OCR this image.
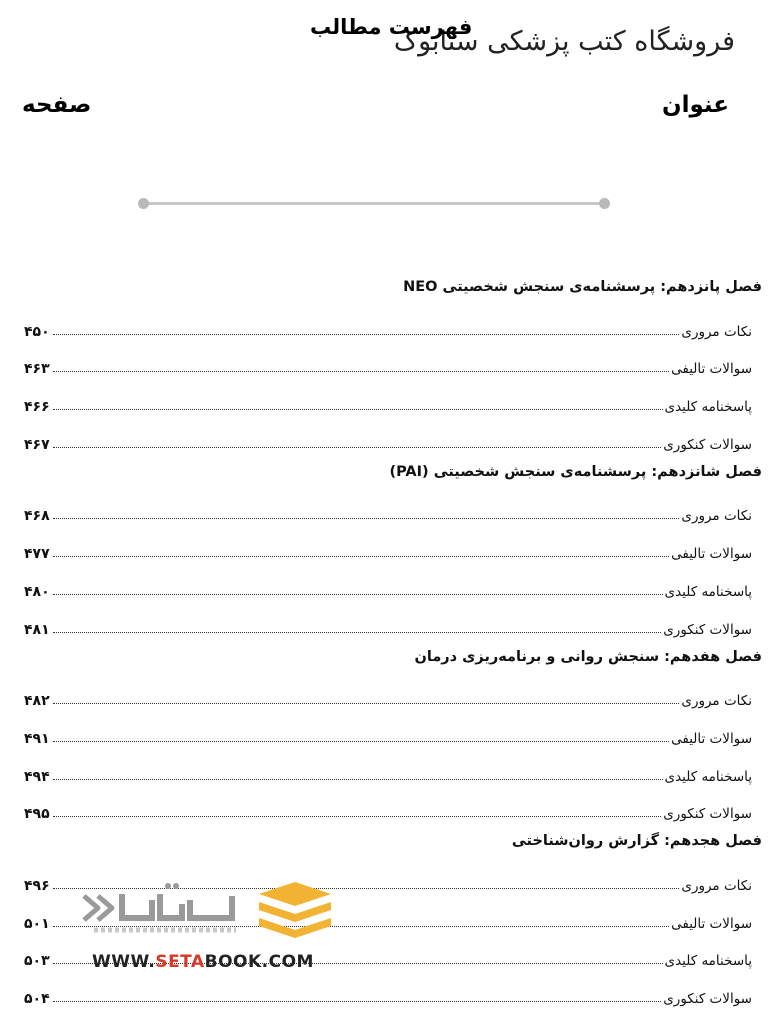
فروشگاه کتب پزشکی ستابوک
فهرست مطالب
عنوان
صفحه
فصل پانزدهم: پرسشنامه‌ی سنجش شخصیتی NEO
نکات مروری
۴۵۰
سوالات تالیفی
۴۶۳
پاسخنامه کلیدی
۴۶۶
سوالات کنکوری
۴۶۷
فصل شانزدهم: پرسشنامه‌ی سنجش شخصیتی (PAI)
نکات مروری
۴۶۸
سوالات تالیفی
۴۷۷
پاسخنامه کلیدی
۴۸۰
سوالات کنکوری
۴۸۱
فصل هفدهم: سنجش روانی و برنامه‌ریزی درمان
نکات مروری
۴۸۲
سوالات تالیفی
۴۹۱
پاسخنامه کلیدی
۴۹۴
سوالات کنکوری
۴۹۵
فصل هجدهم: گزارش روان‌شناختی
نکات مروری
۴۹۶
سوالات تالیفی
۵۰۱
پاسخنامه کلیدی
۵۰۳
سوالات کنکوری
۵۰۴
WWW.SETABOOK.COM
